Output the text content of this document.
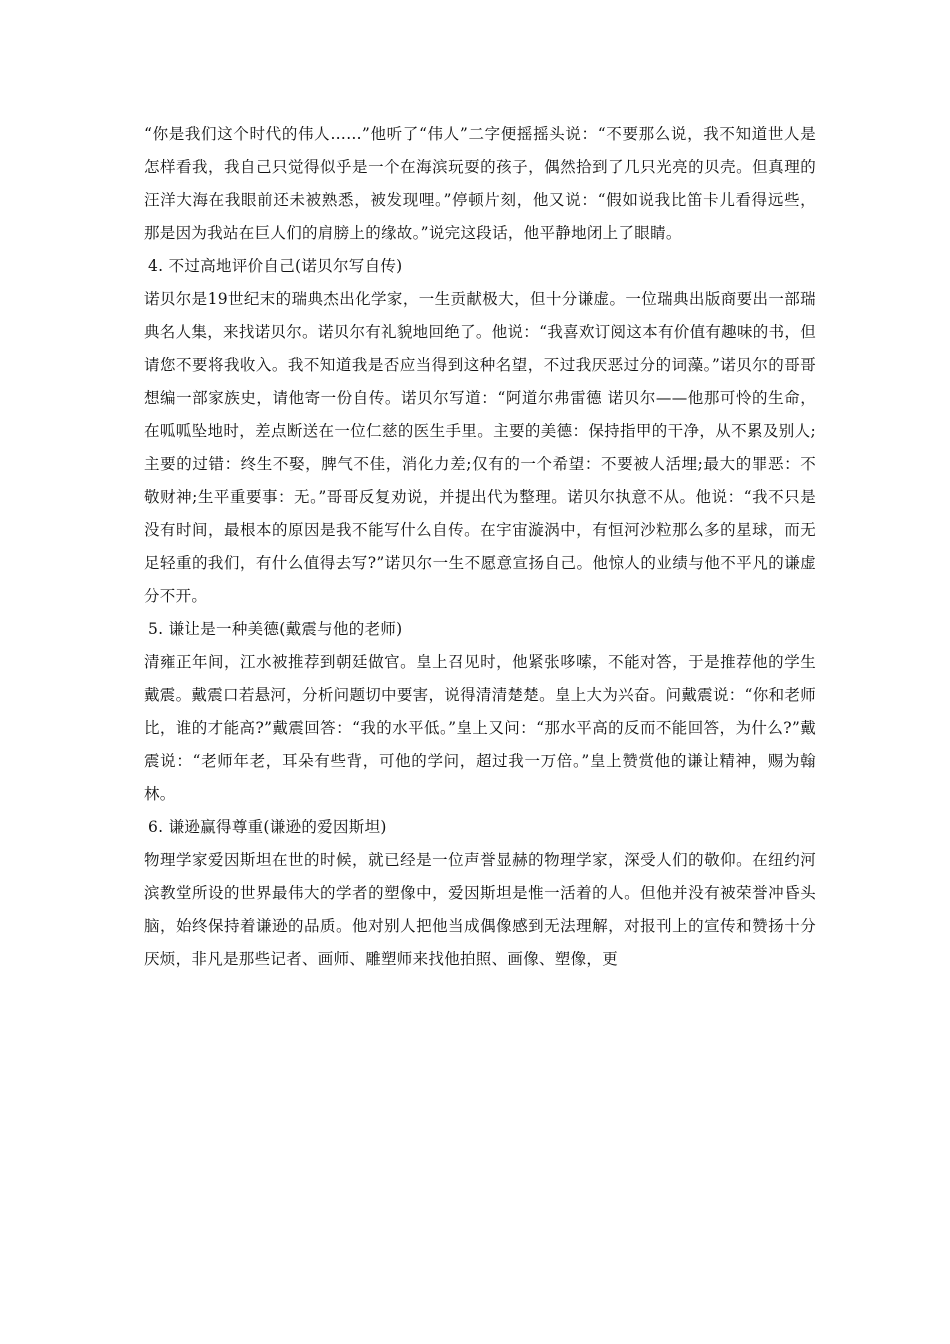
“你是我们这个时代的伟人……”他听了“伟人”二字便摇摇头说：“不要那么说，我不知道世人是怎样看我，我自己只觉得似乎是一个在海滨玩耍的孩子，偶然拾到了几只光亮的贝壳。但真理的汪洋大海在我眼前还未被熟悉，被发现哩。”停顿片刻，他又说：“假如说我比笛卡儿看得远些，那是因为我站在巨人们的肩膀上的缘故。”说完这段话，他平静地闭上了眼睛。

4. 不过高地评价自己(诺贝尔写自传)

诺贝尔是19世纪末的瑞典杰出化学家，一生贡献极大，但十分谦虚。一位瑞典出版商要出一部瑞典名人集，来找诺贝尔。诺贝尔有礼貌地回绝了。他说：“我喜欢订阅这本有价值有趣味的书，但请您不要将我收入。我不知道我是否应当得到这种名望，不过我厌恶过分的词藻。”诺贝尔的哥哥想编一部家族史，请他寄一份自传。诺贝尔写道：“阿道尔弗雷德 诺贝尔——他那可怜的生命，在呱呱坠地时，差点断送在一位仁慈的医生手里。主要的美德：保持指甲的干净，从不累及别人;主要的过错：终生不娶，脾气不佳，消化力差;仅有的一个希望：不要被人活埋;最大的罪恶：不敬财神;生平重要事：无。”哥哥反复劝说，并提出代为整理。诺贝尔执意不从。他说：“我不只是没有时间，最根本的原因是我不能写什么自传。在宇宙漩涡中，有恒河沙粒那么多的星球，而无足轻重的我们，有什么值得去写?”诺贝尔一生不愿意宣扬自己。他惊人的业绩与他不平凡的谦虚分不开。

5. 谦让是一种美德(戴震与他的老师)

清雍正年间，江水被推荐到朝廷做官。皇上召见时，他紧张哆嗦，不能对答，于是推荐他的学生戴震。戴震口若悬河，分析问题切中要害，说得清清楚楚。皇上大为兴奋。问戴震说：“你和老师比，谁的才能高?”戴震回答：“我的水平低。”皇上又问：“那水平高的反而不能回答，为什么?”戴震说：“老师年老，耳朵有些背，可他的学问，超过我一万倍。”皇上赞赏他的谦让精神，赐为翰林。

6. 谦逊赢得尊重(谦逊的爱因斯坦)

物理学家爱因斯坦在世的时候，就已经是一位声誉显赫的物理学家，深受人们的敬仰。在纽约河滨教堂所设的世界最伟大的学者的塑像中，爱因斯坦是惟一活着的人。但他并没有被荣誉冲昏头脑，始终保持着谦逊的品质。他对别人把他当成偶像感到无法理解，对报刊上的宣传和赞扬十分厌烦，非凡是那些记者、画师、雕塑师来找他拍照、画像、塑像，更
